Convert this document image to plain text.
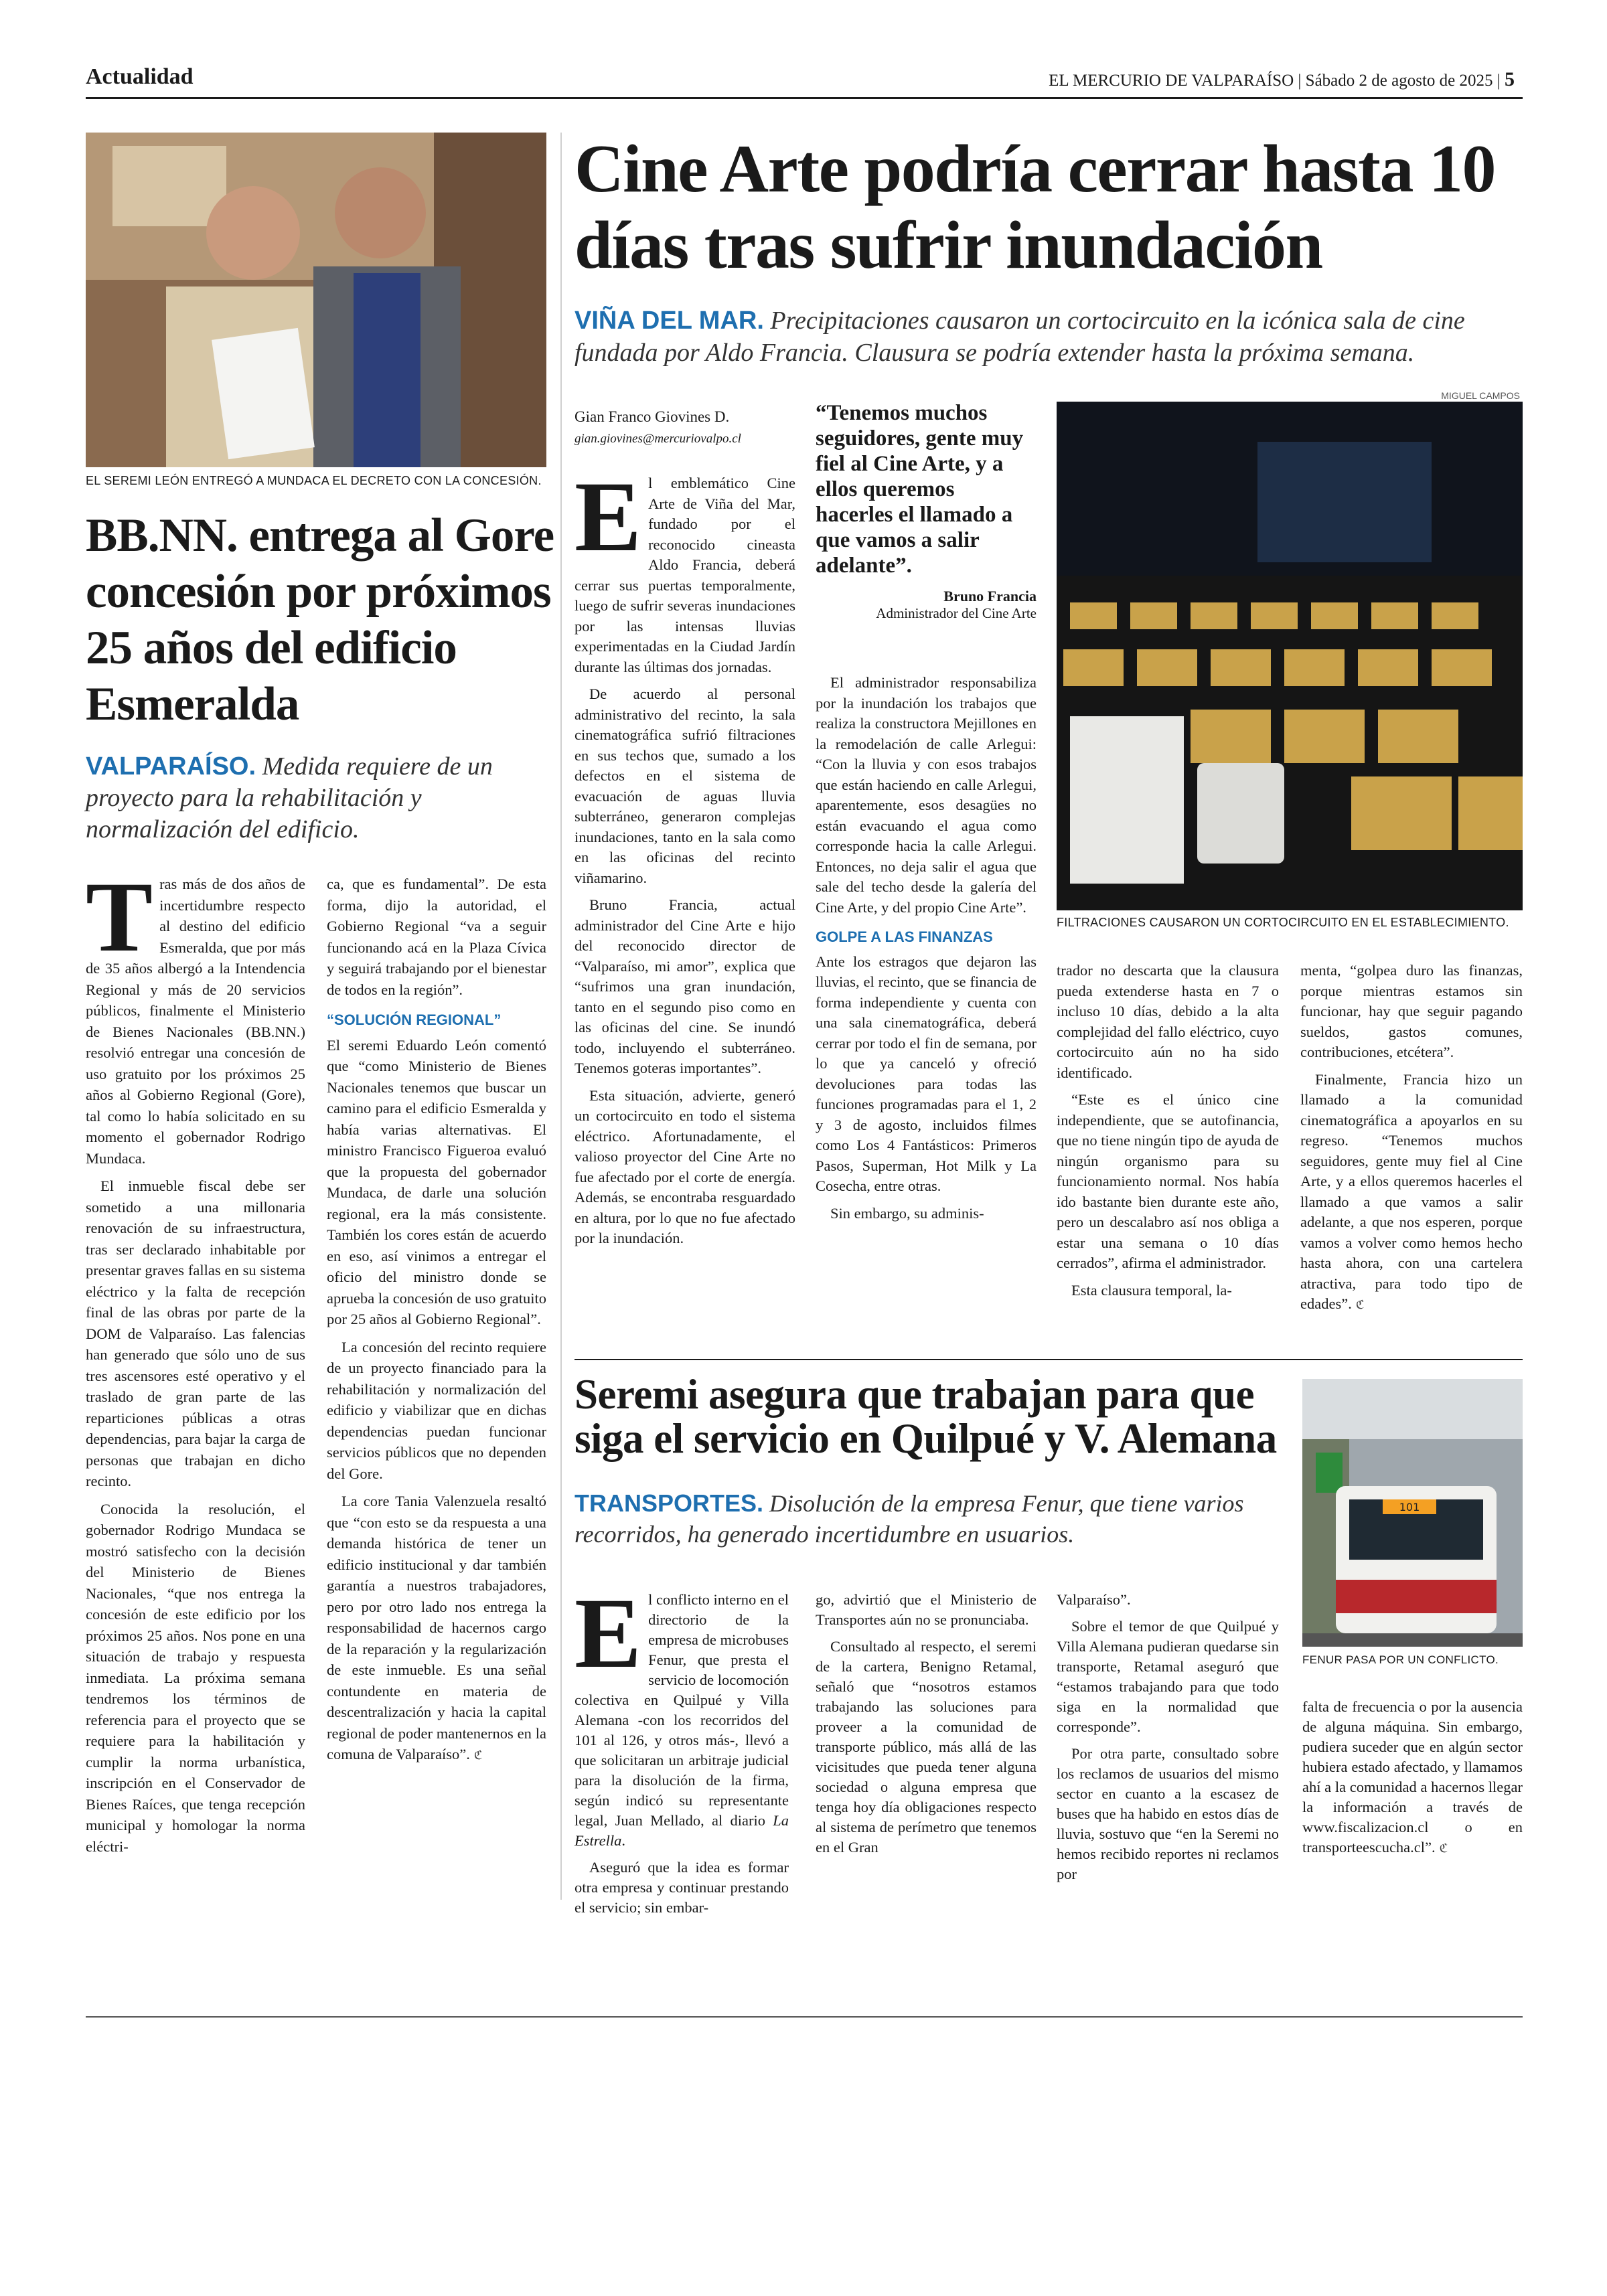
Actualidad	EL MERCURIO DE VALPARAÍSO | Sábado 2 de agosto de 2025 | 5
EL SEREMI LEÓN ENTREGÓ A MUNDACA EL DECRETO CON LA CONCESIÓN.
BB.NN. entrega al Gore concesión por próximos 25 años del edificio Esmeralda
VALPARAÍSO. Medida requiere de un proyecto para la rehabilitación y normalización del edificio.

Tras más de dos años de incertidumbre respecto al destino del edificio Esmeralda, que por más de 35 años albergó a la Intendencia Regional y más de 20 servicios públicos, finalmente el Ministerio de Bienes Nacionales (BB.NN.) resolvió entregar una concesión de uso gratuito por los próximos 25 años al Gobierno Regional (Gore), tal como lo había solicitado en su momento el gobernador Rodrigo Mundaca.

El inmueble fiscal debe ser sometido a una millonaria renovación de su infraestructura, tras ser declarado inhabitable por presentar graves fallas en su sistema eléctrico y la falta de recepción final de las obras por parte de la DOM de Valparaíso. Las falencias han generado que sólo uno de sus tres ascensores esté operativo y el traslado de gran parte de las reparticiones públicas a otras dependencias, para bajar la carga de personas que trabajan en dicho recinto.

Conocida la resolución, el gobernador Rodrigo Mundaca se mostró satisfecho con la decisión del Ministerio de Bienes Nacionales, “que nos entrega la concesión de este edificio por los próximos 25 años. Nos pone en una situación de trabajo y respuesta inmediata. La próxima semana tendremos los términos de referencia para el proyecto que se requiere para la habilitación y cumplir la norma urbanística, inscripción en el Conservador de Bienes Raíces, que tenga recepción municipal y homologar la norma eléctri-

ca, que es fundamental”. De esta forma, dijo la autoridad, el Gobierno Regional “va a seguir funcionando acá en la Plaza Cívica y seguirá trabajando por el bienestar de todos en la región”.

“SOLUCIÓN REGIONAL”

El seremi Eduardo León comentó que “como Ministerio de Bienes Nacionales tenemos que buscar un camino para el edificio Esmeralda y había varias alternativas. El ministro Francisco Figueroa evaluó que la propuesta del gobernador Mundaca, de darle una solución regional, era la más consistente. También los cores están de acuerdo en eso, así vinimos a entregar el oficio del ministro donde se aprueba la concesión de uso gratuito por 25 años al Gobierno Regional”.

La concesión del recinto requiere de un proyecto financiado para la rehabilitación y normalización del edificio y viabilizar que en dichas dependencias puedan funcionar servicios públicos que no dependen del Gore.

La core Tania Valenzuela resaltó que “con esto se da respuesta a una demanda histórica de tener un edificio institucional y dar también garantía a nuestros trabajadores, pero por otro lado nos entrega la responsabilidad de hacernos cargo de la reparación y la regularización de este inmueble. Es una señal contundente en materia de descentralización y hacia la capital regional de poder mantenernos en la comuna de Valparaíso”. ℭ

Cine Arte podría cerrar hasta 10 días tras sufrir inundación
VIÑA DEL MAR. Precipitaciones causaron un cortocircuito en la icónica sala de cine fundada por Aldo Francia. Clausura se podría extender hasta la próxima semana.
Gian Franco Giovines D.
gian.giovines@mercuriovalpo.cl

El emblemático Cine Arte de Viña del Mar, fundado por el reconocido cineasta Aldo Francia, deberá cerrar sus puertas temporalmente, luego de sufrir severas inundaciones por las intensas lluvias experimentadas en la Ciudad Jardín durante las últimas dos jornadas.

De acuerdo al personal administrativo del recinto, la sala cinematográfica sufrió filtraciones en sus techos que, sumado a los defectos en el sistema de evacuación de aguas lluvia subterráneo, generaron complejas inundaciones, tanto en la sala como en las oficinas del recinto viñamarino.

Bruno Francia, actual administrador del Cine Arte e hijo del reconocido director de “Valparaíso, mi amor”, explica que “sufrimos una gran inundación, tanto en el segundo piso como en las oficinas del cine. Se inundó todo, incluyendo el subterráneo. Tenemos goteras importantes”.

Esta situación, advierte, generó un cortocircuito en todo el sistema eléctrico. Afortunadamente, el valioso proyector del Cine Arte no fue afectado por el corte de energía. Además, se encontraba resguardado en altura, por lo que no fue afectado por la inundación.

“Tenemos muchos seguidores, gente muy fiel al Cine Arte, y a ellos queremos hacerles el llamado a que vamos a salir adelante”.
Bruno Francia
Administrador del Cine Arte

El administrador responsabiliza por la inundación los trabajos que realiza la constructora Mejillones en la remodelación de calle Arlegui: “Con la lluvia y con esos trabajos que están haciendo en calle Arlegui, aparentemente, esos desagües no están evacuando el agua como corresponde hacia la calle Arlegui. Entonces, no deja salir el agua que sale del techo desde la galería del Cine Arte, y del propio Cine Arte”.

GOLPE A LAS FINANZAS

Ante los estragos que dejaron las lluvias, el recinto, que se financia de forma independiente y cuenta con una sala cinematográfica, deberá cerrar por todo el fin de semana, por lo que ya canceló y ofreció devoluciones para todas las funciones programadas para el 1, 2 y 3 de agosto, incluidos filmes como Los 4 Fantásticos: Primeros Pasos, Superman, Hot Milk y La Cosecha, entre otras.

Sin embargo, su adminis-

MIGUEL CAMPOS
FILTRACIONES CAUSARON UN CORTOCIRCUITO EN EL ESTABLECIMIENTO.

trador no descarta que la clausura pueda extenderse hasta en 7 o incluso 10 días, debido a la alta complejidad del fallo eléctrico, cuyo cortocircuito aún no ha sido identificado.

“Este es el único cine independiente, que se autofinancia, que no tiene ningún tipo de ayuda de ningún organismo para su funcionamiento normal. Nos había ido bastante bien durante este año, pero un descalabro así nos obliga a estar una semana o 10 días cerrados”, afirma el administrador.

Esta clausura temporal, la-

menta, “golpea duro las finanzas, porque mientras estamos sin funcionar, hay que seguir pagando sueldos, gastos comunes, contribuciones, etcétera”.

Finalmente, Francia hizo un llamado a la comunidad cinematográfica a apoyarlos en su regreso. “Tenemos muchos seguidores, gente muy fiel al Cine Arte, y a ellos queremos hacerles el llamado a que vamos a salir adelante, a que nos esperen, porque vamos a volver como hemos hecho hasta ahora, con una cartelera atractiva, para todo tipo de edades”. ℭ

Seremi asegura que trabajan para que siga el servicio en Quilpué y V. Alemana
TRANSPORTES. Disolución de la empresa Fenur, que tiene varios recorridos, ha generado incertidumbre en usuarios.
101
FENUR PASA POR UN CONFLICTO.

El conflicto interno en el directorio de la empresa de microbuses Fenur, que presta el servicio de locomoción colectiva en Quilpué y Villa Alemana -con los recorridos del 101 al 126, y otros más-, llevó a que solicitaran un arbitraje judicial para la disolución de la firma, según indicó su representante legal, Juan Mellado, al diario La Estrella.

Aseguró que la idea es formar otra empresa y continuar prestando el servicio; sin embar-

go, advirtió que el Ministerio de Transportes aún no se pronunciaba.

Consultado al respecto, el seremi de la cartera, Benigno Retamal, señaló que “nosotros estamos trabajando las soluciones para proveer a la comunidad de transporte público, más allá de las vicisitudes que pueda tener alguna sociedad o alguna empresa que tenga hoy día obligaciones respecto al sistema de perímetro que tenemos en el Gran

Valparaíso”.

Sobre el temor de que Quilpué y Villa Alemana pudieran quedarse sin transporte, Retamal aseguró que “estamos trabajando para que todo siga en la normalidad que corresponde”.

Por otra parte, consultado sobre los reclamos de usuarios del mismo sector en cuanto a la escasez de buses que ha habido en estos días de lluvia, sostuvo que “en la Seremi no hemos recibido reportes ni reclamos por

falta de frecuencia o por la ausencia de alguna máquina. Sin embargo, pudiera suceder que en algún sector hubiera estado afectado, y llamamos ahí a la comunidad a hacernos llegar la información a través de www.fiscalizacion.cl o en transporteescucha.cl”. ℭ
